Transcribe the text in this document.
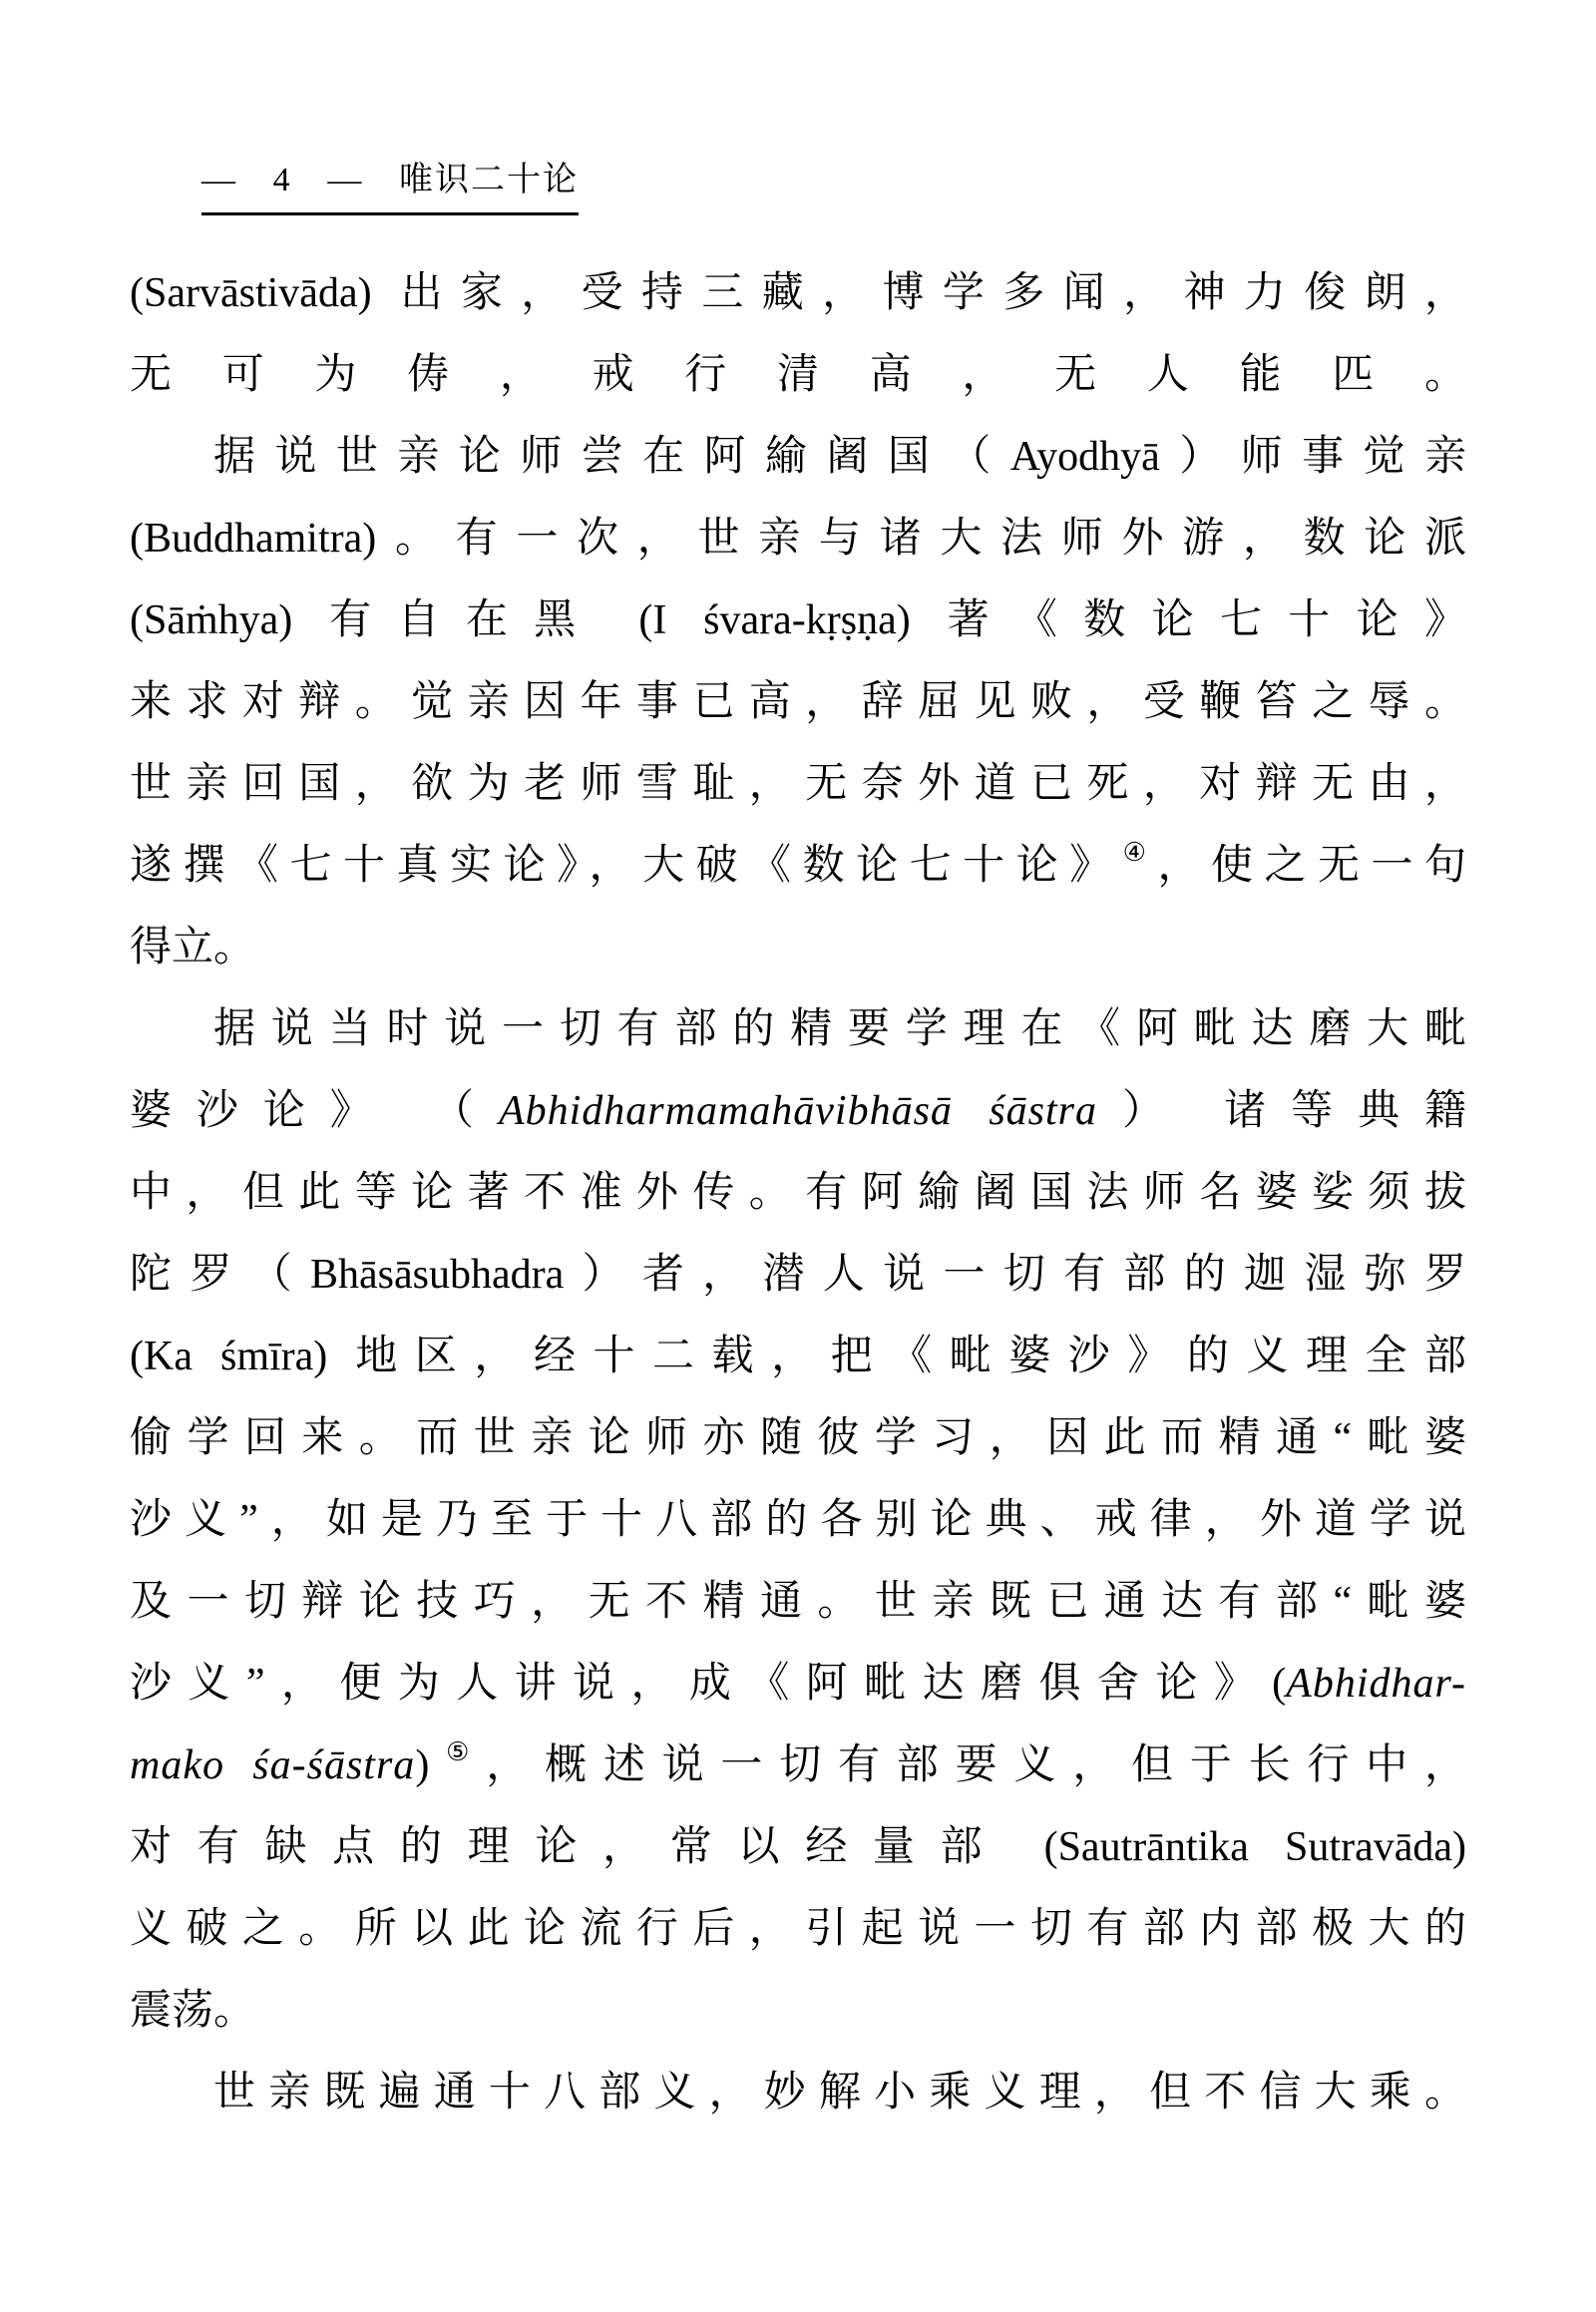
— 4 — 唯识二十论
(Sarvāstivāda) 出家，受持三藏，博学多闻，神力俊朗，
无可为俦，戒行清高，无人能匹。
据说世亲论师尝在阿緰阇国（Ayodhyā）师事觉亲
(Buddhamitra)。有一次，世亲与诸大法师外游，数论派
(Sāṁhya) 有自在黑 (I śvara-kṛṣṇa) 著《数论七十论》
来求对辩。觉亲因年事已高，辞屈见败，受鞭笞之辱。
世亲回国，欲为老师雪耻，无奈外道已死，对辩无由，
遂撰《七十真实论》，大破《数论七十论》④，使之无一句
得立。
据说当时说一切有部的精要学理在《阿毗达磨大毗
婆沙论》 （Abhidharmamahāvibhāsā śāstra） 诸等典籍
中，但此等论著不准外传。有阿緰阇国法师名婆娑须拔
陀罗（Bhāsāsubhadra）者，潜人说一切有部的迦湿弥罗
(Ka śmīra) 地区，经十二载，把《毗婆沙》的义理全部
偷学回来。而世亲论师亦随彼学习，因此而精通“毗婆
沙义”，如是乃至于十八部的各别论典、戒律，外道学说
及一切辩论技巧，无不精通。世亲既已通达有部“毗婆
沙义”，便为人讲说，成《阿毗达磨俱舍论》(Abhidhar-
mako śa-śāstra)⑤，概述说一切有部要义，但于长行中，
对有缺点的理论，常以经量部 (Sautrāntika Sutravāda)
义破之。所以此论流行后，引起说一切有部内部极大的
震荡。
世亲既遍通十八部义，妙解小乘义理，但不信大乘。
